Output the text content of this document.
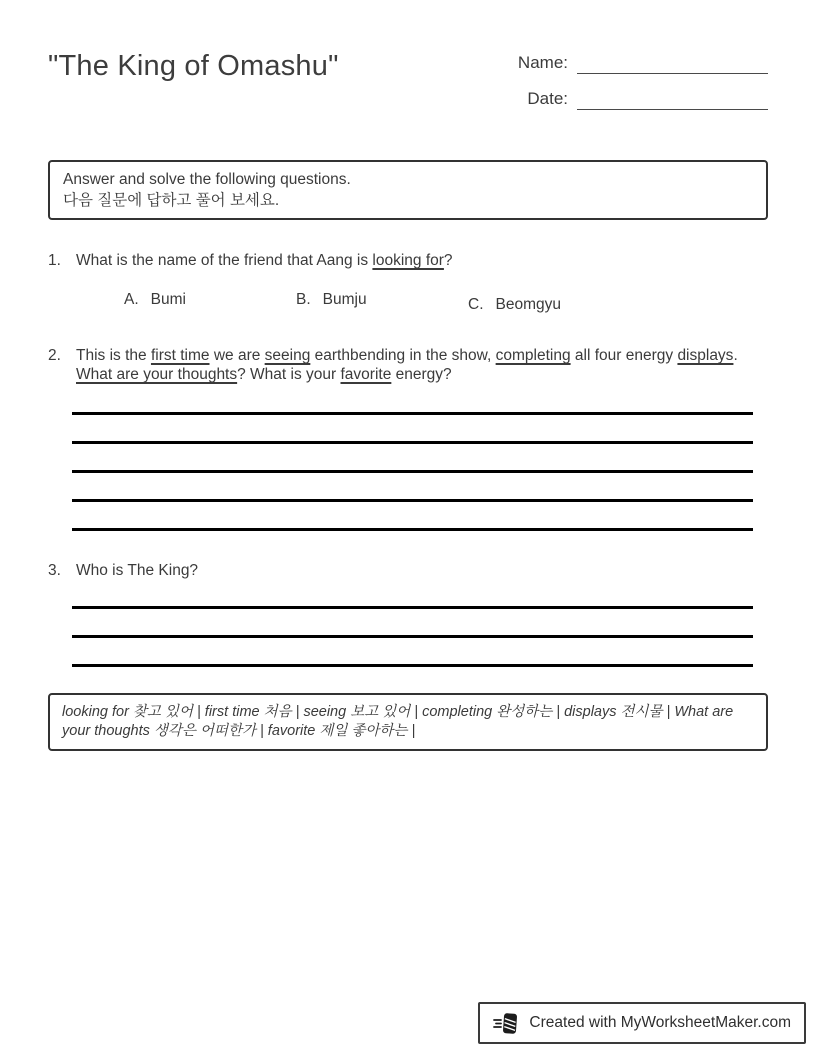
"The King of Omashu"	Name:
Date:
Answer and solve the following questions.
다음 질문에 답하고 풀어 보세요.
1. What is the name of the friend that Aang is looking for?
A. Bumi	B. Bumju	C. Beomgyu
2. This is the first time we are seeing earthbending in the show, completing all four energy displays. What are your thoughts? What is your favorite energy?
3. Who is The King?
looking for 찾고 있어 | first time 처음 | seeing 보고 있어 | completing 완성하는 | displays 전시물 | What are your thoughts 생각은 어떠한가 | favorite 제일 좋아하는 |
Created with MyWorksheetMaker.com
